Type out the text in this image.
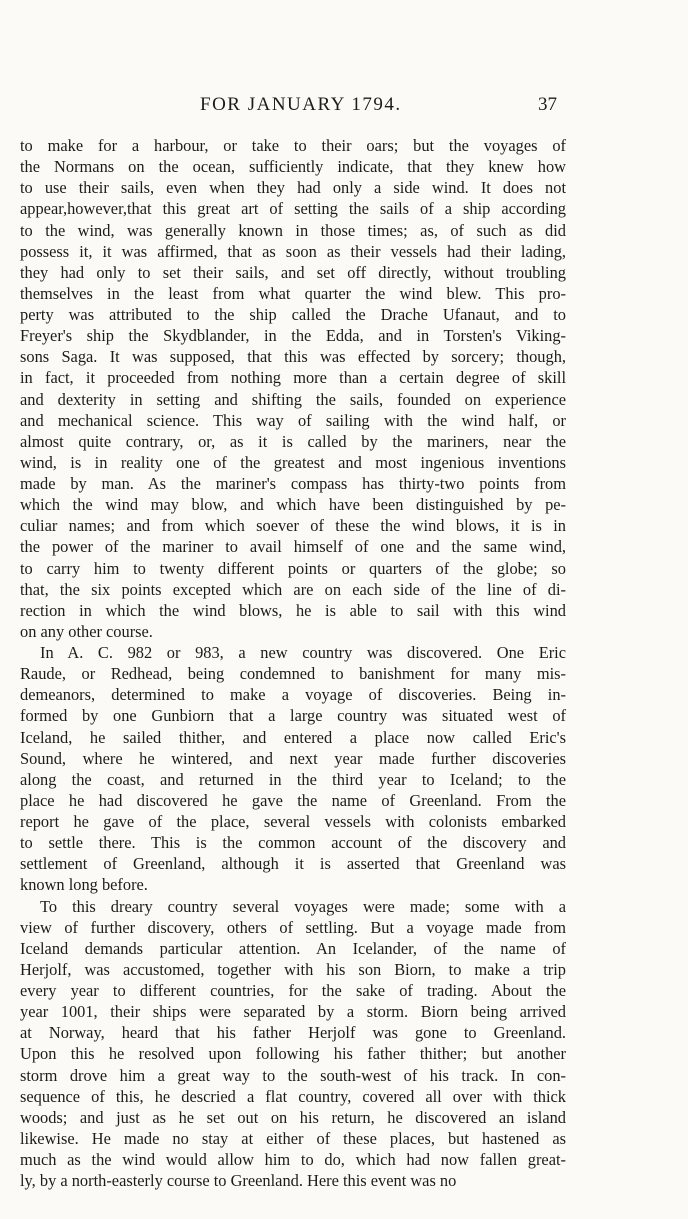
FOR JANUARY 1794.	37
to make for a harbour, or take to their oars; but the voyages of
the Normans on the ocean, sufficiently indicate, that they knew how
to use their sails, even when they had only a side wind. It does not
appear,however,that this great art of setting the sails of a ship according
to the wind, was generally known in those times; as, of such as did
possess it, it was affirmed, that as soon as their vessels had their lading,
they had only to set their sails, and set off directly, without troubling
themselves in the least from what quarter the wind blew. This pro-
perty was attributed to the ship called the Drache Ufanaut, and to
Freyer's ship the Skydblander, in the Edda, and in Torsten's Viking-
sons Saga. It was supposed, that this was effected by sorcery; though,
in fact, it proceeded from nothing more than a certain degree of skill
and dexterity in setting and shifting the sails, founded on experience
and mechanical science. This way of sailing with the wind half, or
almost quite contrary, or, as it is called by the mariners, near the
wind, is in reality one of the greatest and most ingenious inventions
made by man. As the mariner's compass has thirty-two points from
which the wind may blow, and which have been distinguished by pe-
culiar names; and from which soever of these the wind blows, it is in
the power of the mariner to avail himself of one and the same wind,
to carry him to twenty different points or quarters of the globe; so
that, the six points excepted which are on each side of the line of di-
rection in which the wind blows, he is able to sail with this wind
on any other course.
In A. C. 982 or 983, a new country was discovered. One Eric
Raude, or Redhead, being condemned to banishment for many mis-
demeanors, determined to make a voyage of discoveries. Being in-
formed by one Gunbiorn that a large country was situated west of
Iceland, he sailed thither, and entered a place now called Eric's
Sound, where he wintered, and next year made further discoveries
along the coast, and returned in the third year to Iceland; to the
place he had discovered he gave the name of Greenland. From the
report he gave of the place, several vessels with colonists embarked
to settle there. This is the common account of the discovery and
settlement of Greenland, although it is asserted that Greenland was
known long before.
To this dreary country several voyages were made; some with a
view of further discovery, others of settling. But a voyage made from
Iceland demands particular attention. An Icelander, of the name of
Herjolf, was accustomed, together with his son Biorn, to make a trip
every year to different countries, for the sake of trading. About the
year 1001, their ships were separated by a storm. Biorn being arrived
at Norway, heard that his father Herjolf was gone to Greenland.
Upon this he resolved upon following his father thither; but another
storm drove him a great way to the south-west of his track. In con-
sequence of this, he descried a flat country, covered all over with thick
woods; and just as he set out on his return, he discovered an island
likewise. He made no stay at either of these places, but hastened as
much as the wind would allow him to do, which had now fallen great-
ly, by a north-easterly course to Greenland. Here this event was no
